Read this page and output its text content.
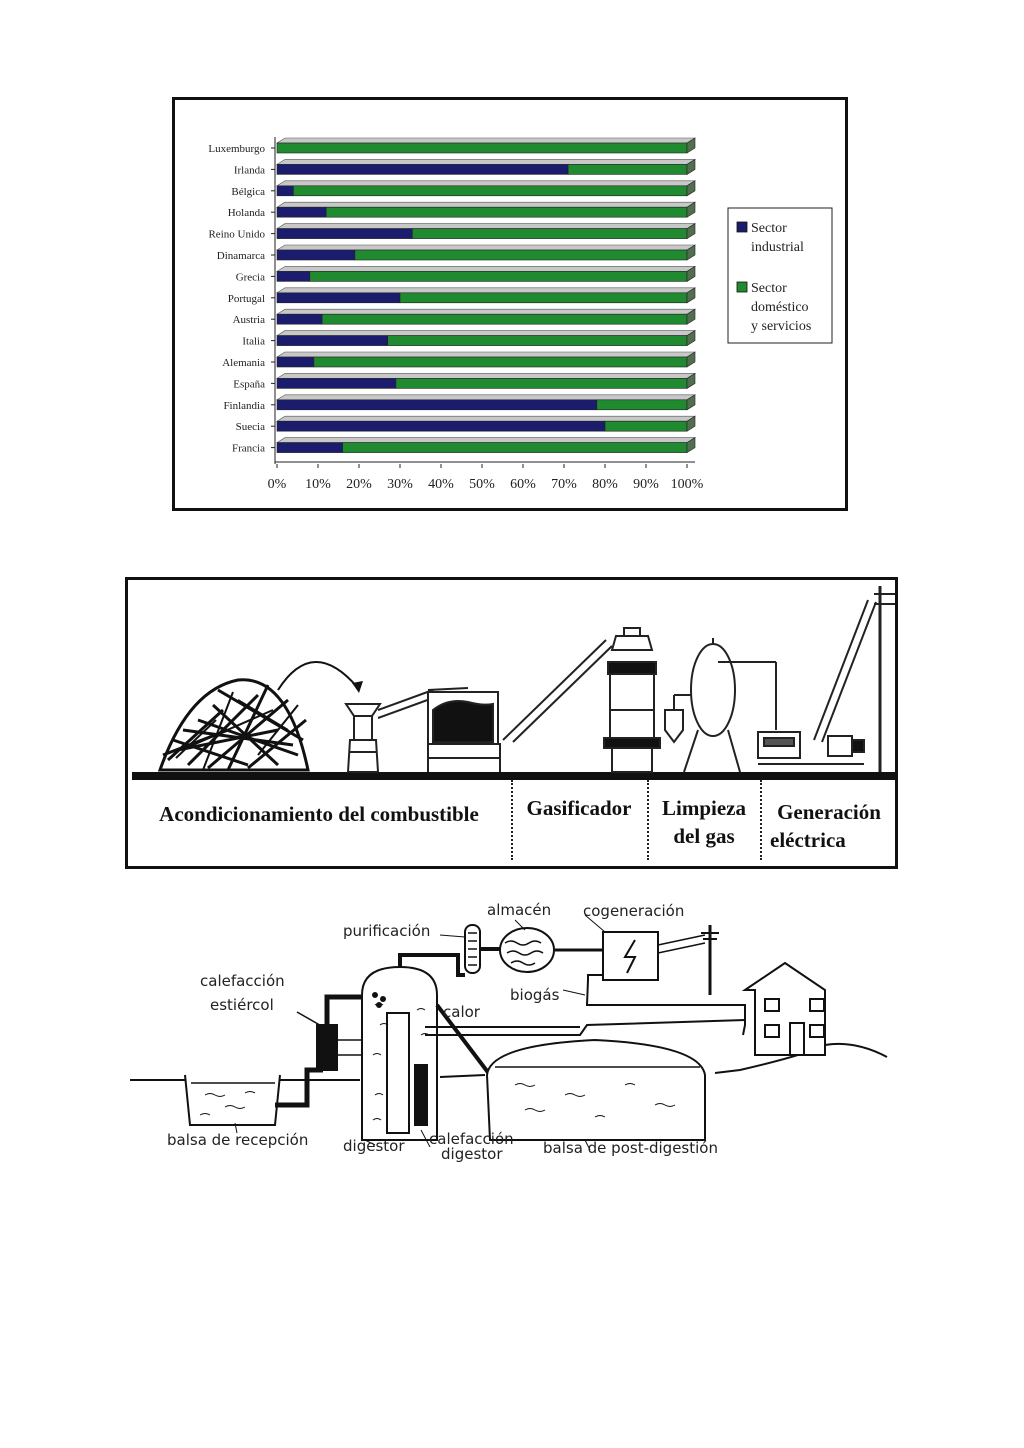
Luxemburgo
Irlanda
Bélgica
Holanda
Reino Unido
Dinamarca
Grecia
Portugal
Austria
Italia
Alemania
España
Finlandia
Suecia
Francia
0% 10% 20% 30% 40% 50% 60% 70% 80% 90% 100%
Sector
industrial
Sector
doméstico
y servicios
Acondicionamiento del combustible	Gasificador	Limpieza
del gas
Generación
eléctrica
purificación
almacén cogeneración
calefacción
estiércol
biogás
calor
balsa de recepción digestor calefacción
digestor	balsa de post-digestión
